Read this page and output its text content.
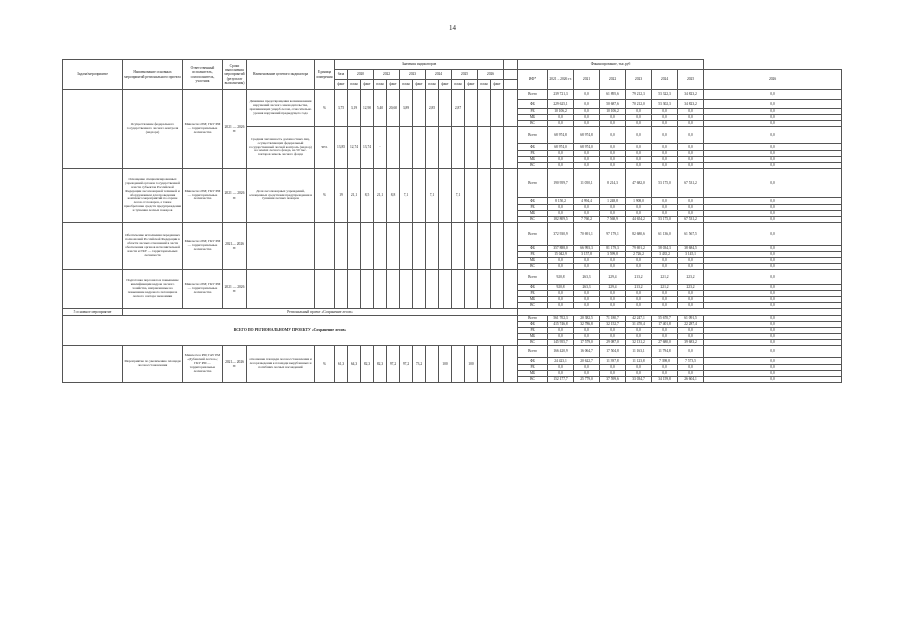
14
Задача/мероприятие	Наименование основных мероприятий регионального проекта	Ответственный исполнитель, соисполнитель, участник	Сроки выполнения мероприятий (результат выполнения)	Наименование целевого индикатора	Единица измерения	Значения индикаторов														Финансирование, тыс.руб							
						база	2020		2022		2023		2024		2025		2026			ИФ*	2021 – 2026 гг.	2021	2022	2023	2024	2025	2026
						факт	план	факт	план	факт	план	факт	план	факт	план	факт	план	факт									
	Осуществление федерального государственного лесного контроля (надзора)	Минлесхоз РМ; ГКУ РМ — территориальные лесничества	2021 — 2026 гг.	Динамика предотвращения возникновения нарушений лесного законодательства, причиняющих ущерб лесам, относительно уровня нарушений предыдущего года	%	3,75	3,19	12,90	5,40	20,60	3,89		2,85		2,87					Всего	239 721,3	0,0	61 895,6	79 212,3	53 322,3	34 823,2	0,0
																				ФБ	229 625,1	0,0	50 687,6	70 212,0	53 302,3	34 823,2	0,0
																				РБ	10 106,2	0,0	10 106,2	0,0	0,0	0,0	0,0
																				МБ	0,0	0,0	0,0	0,0	0,0	0,0	0,0
																				ВС	0,0	0,0	0,0	0,0	0,0	0,0	0,0
				Средняя численность должностных лиц, осуществляющих федеральный государственный лесной контроль (надзор) на землях лесного фонда, на 50 тыс. гектаров земель лесного фонда	чел.	13,85	12,74	13,74	-											Всего	68 974,8	68 974,8	0,0	0,0	0,0	0,0	0,0
																				ФБ	68 974,0	68 974,0	0,0	0,0	0,0	0,0	0,0
																				РБ	0,0	0,0	0,0	0,0	0,0	0,0	0,0
																				МБ	0,0	0,0	0,0	0,0	0,0	0,0	0,0
																				ВС	0,0	0,0	0,0	0,0	0,0	0,0	0,0
	Оснащение специализированных учреждений органов государственной власти субъектов Российской Федерации лесопожарной техникой и оборудованием для проведения комплекса мероприятий по охране лесов от пожаров, а также приобретение средств предупреждения и тушения лесных пожаров	Минлесхоз РМ; ГКУ РМ — территориальные лесничества	2021 — 2026 гг.	Доля лесопожарных учреждений, оснащенных средствами предупреждения и тушения лесных пожаров	%	19	21,1	8,5	21,1	8,8	7,1		7,1		7,1					Всего	190 959,7	11 050,1	8 214,3	47 682,0	53 175,0	67 531,2	0,0
																				ФБ	8 150,2	4 994,4	1 248,8	1 908,0	0,0	0,0	0,0
																				РБ	0,0	0,0	0,0	0,0	0,0	0,0	0,0
																				МБ	0,0	0,0	0,0	0,0	0,0	0,0	0,0
																				ВС	182 809,5	7 760,2	7 568,9	44 654,2	53 175,0	67 531,2	0,0
	Обеспечение исполнения переданных полномочий Российской Федерации в области лесных отношений в части обеспечения органов исполнительной власти и ГКУ — территориальных лесничеств	Минлесхоз РМ; ГКУ РМ — территориальные лесничества	2021— 2026 гг.																	Всего	372 930,9	70 691,1	97 179,1	82 680,6	61 136,0	61 567,5	0,0
																				ФБ	357 888,0	66 993,3	81 179,3	79 691,2	58 034,3	38 684,5	0,0
																				РБ	15 042,9	3 157,8	3 599,8	2 726,2	3 435,2	3 145,1	0,0
																				МБ	0,0	0,0	0,0	0,0	0,0	0,0	0,0
																				ВС	0,0	0,0	0,0	0,0	0,0	0,0	0,0
	Подготовка персонала и повышение квалификации кадров лесного хозяйства, направленные на повышение кадрового потенциала лесного сектора экономики	Минлесхоз РМ; ГКУ РМ — территориальные лесничества	2021 — 2026 гг.																	Всего	920,8	263,3	229,4	213,2	221,2	223,2	0,0
																				ФБ	920,8	263,3	229,4	213,2	221,2	223,2	0,0
																				РБ	0,0	0,0	0,0	0,0	0,0	0,0	0,0
																				МБ	0,0	0,0	0,0	0,0	0,0	0,0	0,0
																				ВС	0,0	0,0	0,0	0,0	0,0	0,0	0,0
5 основное мероприятие	Региональный проект «Сохранение лесов»																										
ВСЕГО ПО РЕГИОНАЛЬНОМУ ПРОЕКТУ «Сохранение лесов»																				Всего	561 702,3	20 382,5	71 180,7	42 247,1	55 670,7	61 091,5	0,0
																				ФБ	415 746,8	32 786,8	32 152,7	31 470,4	17 401,8	22 287,4	0,0
																				РБ	0,0	0,0	0,0	0,0	0,0	0,0	0,0
																				МБ	0,0	0,0	0,0	0,0	0,0	0,0	0,0
																				ВС	145 955,7	17 579,0	29 087,0	32 131,2	27 680,0	39 683,2	0,0
	Мероприятие по увеличению площади лесовосстановления	Минлесхоз РМ; ГАУ РМ «Дубенский лесхоз»; ГКУ РМ — территориальные лесничества	2021— 2026 гг.	отношение площади лесовосстановления и лесоразведения к площади вырубленных и погибших лесных насаждений	%	61,3	64,3	82,3	82,3	97,2	97,2	73,2		100		100				Всего	166 420,9	16 064,7	17 504,8	11 163,1	11 794,8	0,0	0,0
																				ФБ	24 423,1	20 622,7	11 397,8	11 123,8	7 398,8	7 573,5	0,0
																				РБ	0,0	0,0	0,0	0,0	0,0	0,0	0,0
																				МБ	0,0	0,0	0,0	0,0	0,0	0,0	0,0
																				ВС	152 177,7	25 779,0	37 599,6	33 034,7	34 159,8	26 604,1	0,0
